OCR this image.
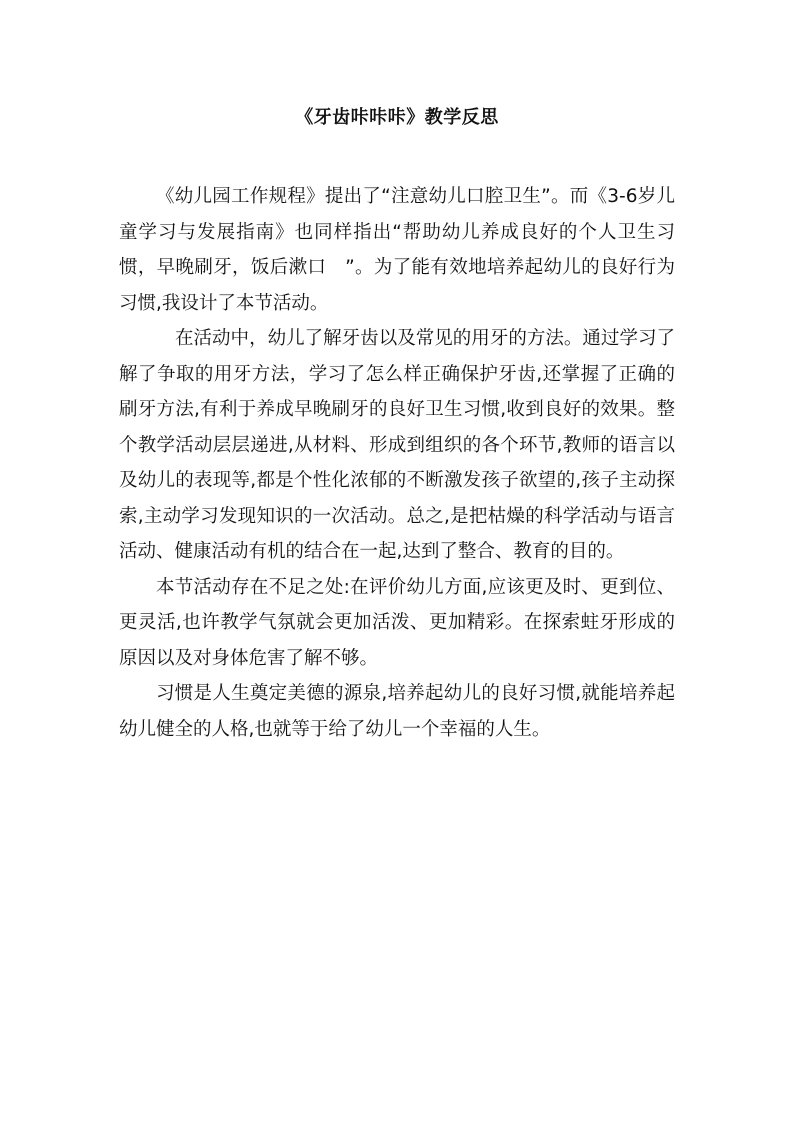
《牙齿咔咔咔》教学反思

《幼儿园工作规程》提出了“注意幼儿口腔卫生”。而《3-6岁儿童学习与发展指南》也同样指出“帮助幼儿养成良好的个人卫生习惯，早晚刷牙，饭后漱口　”。为了能有效地培养起幼儿的良好行为习惯,我设计了本节活动。

在活动中，幼儿了解牙齿以及常见的用牙的方法。通过学习了解了争取的用牙方法，学习了怎么样正确保护牙齿,还掌握了正确的刷牙方法,有利于养成早晚刷牙的良好卫生习惯,收到良好的效果。整个教学活动层层递进,从材料、形成到组织的各个环节,教师的语言以及幼儿的表现等,都是个性化浓郁的不断激发孩子欲望的,孩子主动探索,主动学习发现知识的一次活动。总之,是把枯燥的科学活动与语言活动、健康活动有机的结合在一起,达到了整合、教育的目的。

本节活动存在不足之处:在评价幼儿方面,应该更及时、更到位、更灵活,也许教学气氛就会更加活泼、更加精彩。在探索蛀牙形成的原因以及对身体危害了解不够。

习惯是人生奠定美德的源泉,培养起幼儿的良好习惯,就能培养起幼儿健全的人格,也就等于给了幼儿一个幸福的人生。
